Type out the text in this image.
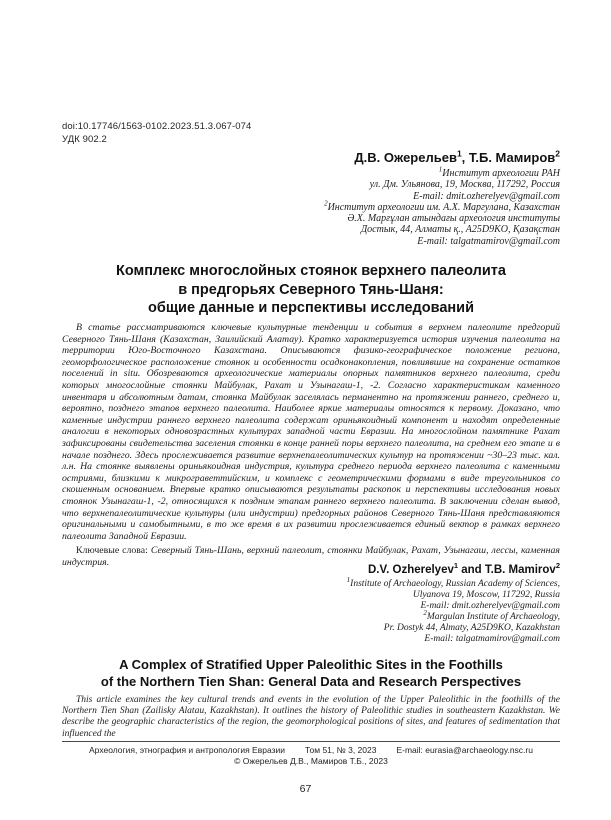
doi:10.17746/1563-0102.2023.51.3.067-074
УДК 902.2
Д.В. Ожерельев$^1$, Т.Б. Мамиров$^2$
$^1$Институт археологии РАН
ул. Дм. Ульянова, 19, Москва, 117292, Россия
E-mail: dmit.ozherelyev@gmail.com
$^2$Институт археологии им. А.Х. Маргулана, Казахстан
Ә.Х. Марғұлан атындағы археология институты
Достык, 44, Алматы қ., A25D9KO, Қазақстан
E-mail: talgatmamirov@gmail.com
Комплекс многослойных стоянок верхнего палеолита
в предгорьях Северного Тянь-Шаня:
общие данные и перспективы исследований

В статье рассматриваются ключевые культурные тенденции и события в верхнем палеолите предгорий Северного Тянь-Шаня (Казахстан, Заилийский Алатау). Кратко характеризуется история изучения палеолита на территории Юго-Восточного Казахстана. Описываются физико-географическое положение региона, геоморфологическое расположение стоянок и особенности осадконакопления, повлиявшие на сохранение остатков поселений in situ. Обозреваются археологические материалы опорных памятников верхнего палеолита, среди которых многослойные стоянки Майбулак, Рахат и Узынагаш-1, -2. Согласно характеристикам каменного инвентаря и абсолютным датам, стоянка Майбулак заселялась перманентно на протяжении раннего, среднего и, вероятно, позднего этапов верхнего палеолита. Наиболее яркие материалы относятся к первому. Доказано, что каменные индустрии раннего верхнего палеолита содержат ориньякоидный компонент и находят определенные аналогии в некоторых одновозрастных культурах западной части Евразии. На многослойном памятнике Рахат зафиксированы свидетельства заселения стоянки в конце ранней поры верхнего палеолита, на среднем его этапе и в начале позднего. Здесь прослеживается развитие верхнепалеолитических культур на протяжении ~30–23 тыс. кал. л.н. На стоянке выявлены ориньякоидная индустрия, культура среднего периода верхнего палеолита с каменными остриями, близкими к микрограветтийским, и комплекс с геометрическими формами в виде треугольников со скошенным основанием. Впервые кратко описываются результаты раскопок и перспективы исследования новых стоянок Узынагаш-1, -2, относящихся к поздним этапам раннего верхнего палеолита. В заключении сделан вывод, что верхнепалеолитические культуры (или индустрии) предгорных районов Северного Тянь-Шаня представляются оригинальными и самобытными, в то же время в их развитии прослеживается единый вектор в рамках верхнего палеолита Западной Евразии.

Ключевые слова: Северный Тянь-Шань, верхний палеолит, стоянки Майбулак, Рахат, Узынагаш, лессы, каменная индустрия.

D.V. Ozherelyev$^1$ and T.B. Mamirov$^2$
$^1$Institute of Archaeology, Russian Academy of Sciences,
Ulyanova 19, Moscow, 117292, Russia
E-mail: dmit.ozherelyev@gmail.com
$^2$Margulan Institute of Archaeology,
Pr. Dostyk 44, Almaty, A25D9KO, Kazakhstan
E-mail: talgatmamirov@gmail.com
A Complex of Stratified Upper Paleolithic Sites in the Foothills
of the Northern Tien Shan: General Data and Research Perspectives

This article examines the key cultural trends and events in the evolution of the Upper Paleolithic in the foothills of the Northern Tien Shan (Zailisky Alatau, Kazakhstan). It outlines the history of Paleolithic studies in southeastern Kazakhstan. We describe the geographic characteristics of the region, the geomorphological positions of sites, and features of sedimentation that influenced the

Археология, этнография и антропология Евразии Том 51, № 3, 2023 E-mail: eurasia@archaeology.nsc.ru
© Ожерельев Д.В., Мамиров Т.Б., 2023
67
